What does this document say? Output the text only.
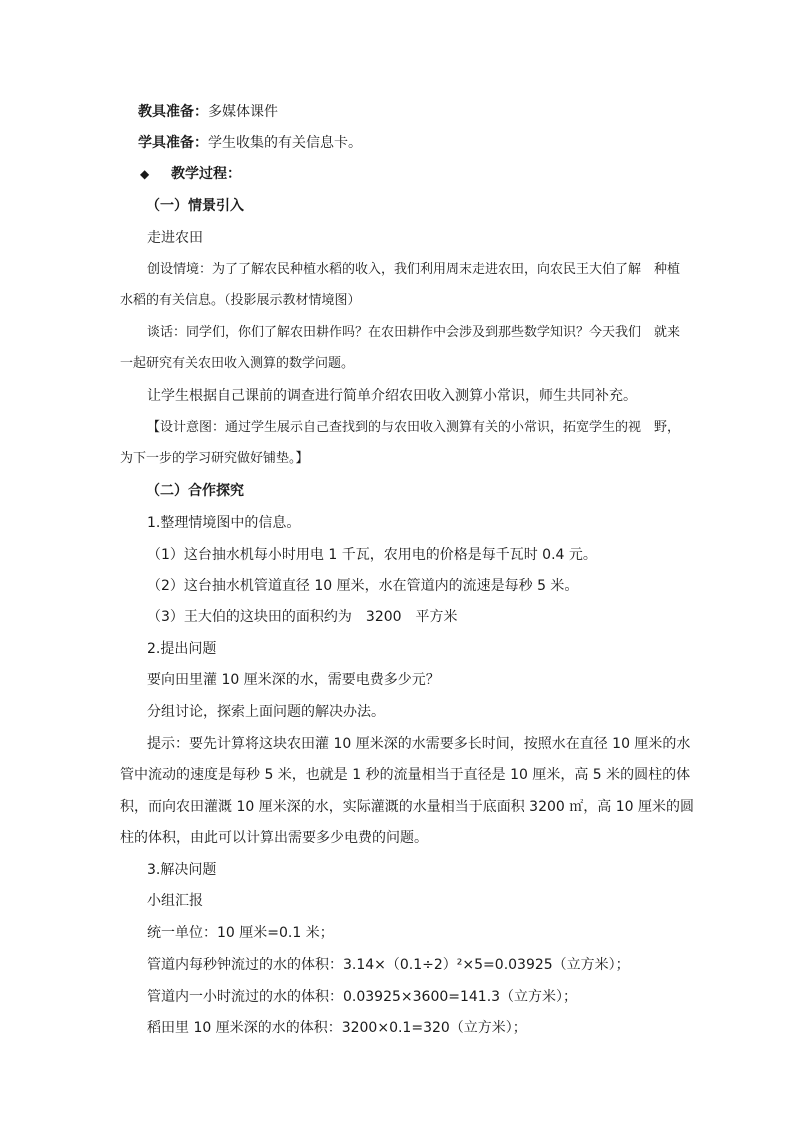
教具准备：多媒体课件
学具准备：学生收集的有关信息卡。
◆ 教学过程：
（一）情景引入
走进农田
创设情境：为了了解农民种植水稻的收入，我们利用周末走进农田，向农民王大伯了解　种植
水稻的有关信息。（投影展示教材情境图）
谈话：同学们，你们了解农田耕作吗？在农田耕作中会涉及到那些数学知识？今天我们　就来
一起研究有关农田收入测算的数学问题。
让学生根据自己课前的调查进行简单介绍农田收入测算小常识，师生共同补充。
【设计意图：通过学生展示自己查找到的与农田收入测算有关的小常识，拓宽学生的视　野，
为下一步的学习研究做好铺垫。】
（二）合作探究
1.整理情境图中的信息。
（1）这台抽水机每小时用电 1 千瓦，农用电的价格是每千瓦时 0.4 元。
（2）这台抽水机管道直径 10 厘米，水在管道内的流速是每秒 5 米。
（3）王大伯的这块田的面积约为　3200　平方米
2.提出问题
要向田里灌 10 厘米深的水，需要电费多少元？
分组讨论，探索上面问题的解决办法。
提示：要先计算将这块农田灌 10 厘米深的水需要多长时间，按照水在直径 10 厘米的水
管中流动的速度是每秒 5 米，也就是 1 秒的流量相当于直径是 10 厘米，高 5 米的圆柱的体
积，而向农田灌溉 10 厘米深的水，实际灌溉的水量相当于底面积 3200 ㎡，高 10 厘米的圆
柱的体积，由此可以计算出需要多少电费的问题。
3.解决问题
小组汇报
统一单位：10 厘米=0.1 米；
管道内每秒钟流过的水的体积：3.14×（0.1÷2）²×5=0.03925（立方米）；
管道内一小时流过的水的体积：0.03925×3600=141.3（立方米）；
稻田里 10 厘米深的水的体积：3200×0.1=320（立方米）；
